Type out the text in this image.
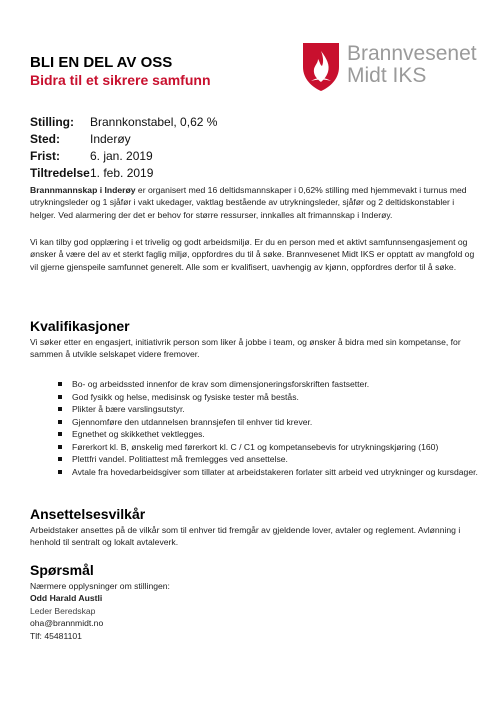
BLI EN DEL AV OSS
Bidra til et sikrere samfunn
Brannvesenet
Midt IKS
Stilling:	Brannkonstabel, 0,62 %
Sted:	Inderøy
Frist:	6. jan. 2019
Tiltredelse 1. feb. 2019
Brannmannskap i Inderøy er organisert med 16 deltidsmannskaper i 0,62% stilling med hjemmevakt i turnus med utrykningsleder og 1 sjåfør i vakt ukedager, vaktlag bestående av utrykningsleder, sjåfør og 2 deltidskonstabler i helger. Ved alarmering der det er behov for større ressurser, innkalles alt frimannskap i Inderøy.
Vi kan tilby god opplæring i et trivelig og godt arbeidsmiljø. Er du en person med et aktivt samfunnsengasjement og ønsker å være del av et sterkt faglig miljø, oppfordres du til å søke. Brannvesenet Midt IKS er opptatt av mangfold og vil gjerne gjenspeile samfunnet generelt. Alle som er kvalifisert, uavhengig av kjønn, oppfordres derfor til å søke.
Kvalifikasjoner
Vi søker etter en engasjert, initiativrik person som liker å jobbe i team, og ønsker å bidra med sin kompetanse, for sammen å utvikle selskapet videre fremover.
Bo- og arbeidssted innenfor de krav som dimensjoneringsforskriften fastsetter.
God fysikk og helse, medisinsk og fysiske tester må bestås.
Plikter å bære varslingsutstyr.
Gjennomføre den utdannelsen brannsjefen til enhver tid krever.
Egnethet og skikkethet vektlegges.
Førerkort kl. B, ønskelig med førerkort kl. C / C1 og kompetansebevis for utrykningskjøring (160)
Plettfri vandel. Politiattest må fremlegges ved ansettelse.
Avtale fra hovedarbeidsgiver som tillater at arbeidstakeren forlater sitt arbeid ved utrykninger og kursdager.
Ansettelsesvilkår
Arbeidstaker ansettes på de vilkår som til enhver tid fremgår av gjeldende lover, avtaler og reglement. Avlønning i henhold til sentralt og lokalt avtaleverk.
Spørsmål
Nærmere opplysninger om stillingen:
Odd Harald Austli
Leder Beredskap
oha@brannmidt.no
Tlf: 45481101
